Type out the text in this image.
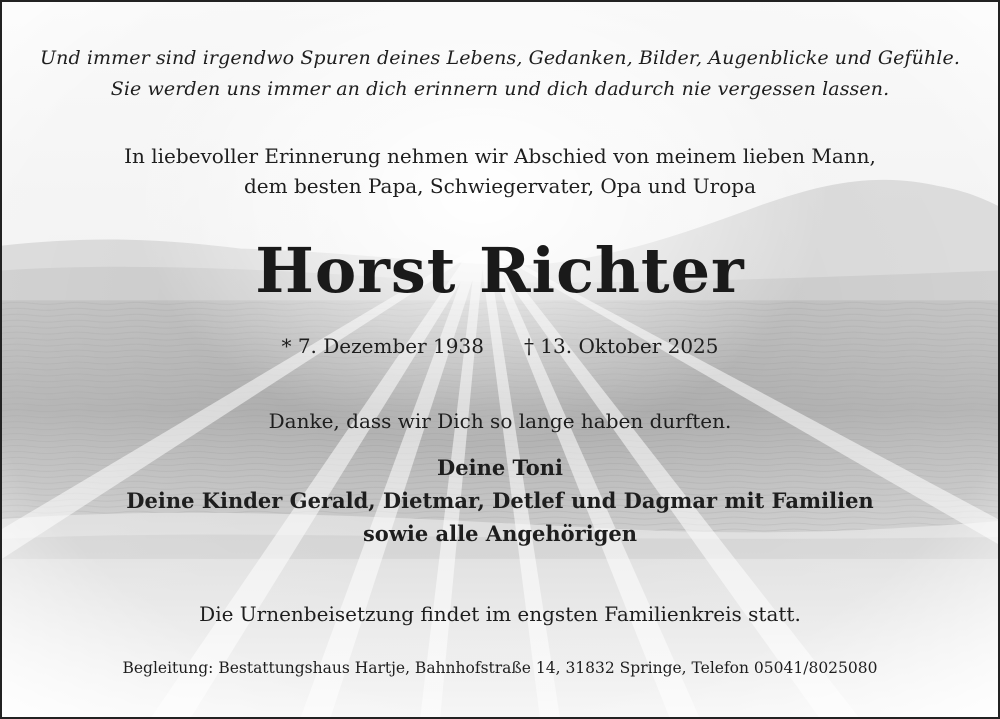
Und immer sind irgendwo Spuren deines Lebens, Gedanken, Bilder, Augenblicke und Gefühle.
Sie werden uns immer an dich erinnern und dich dadurch nie vergessen lassen.
In liebevoller Erinnerung nehmen wir Abschied von meinem lieben Mann,
dem besten Papa, Schwiegervater, Opa und Uropa
Horst Richter
* 7. Dezember 1938 † 13. Oktober 2025
Danke, dass wir Dich so lange haben durften.
Deine Toni
Deine Kinder Gerald, Dietmar, Detlef und Dagmar mit Familien
sowie alle Angehörigen
Die Urnenbeisetzung findet im engsten Familienkreis statt.
Begleitung: Bestattungshaus Hartje, Bahnhofstraße 14, 31832 Springe, Telefon 05041/8025080
